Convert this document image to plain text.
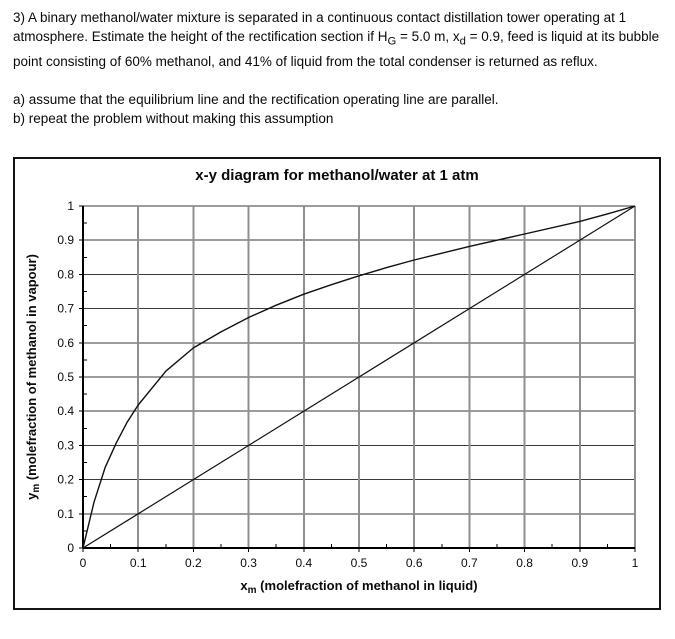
3) A binary methanol/water mixture is separated in a continuous contact distillation tower operating at 1 atmosphere. Estimate the height of the rectification section if $H_G = 5.0$ m, $x_d = 0.9$, feed is liquid at its bubble point consisting of 60% methanol, and 41% of liquid from the total condenser is returned as reflux.
a) assume that the equilibrium line and the rectification operating line are parallel.
b) repeat the problem without making this assumption
x-y diagram for methanol/water at 1 atm
0	0.1	0.2	0.3	0.4	0.5	0.6	0.7	0.8	0.9	1
0
0.1
0.2
0.3
0.4
0.5
0.6
0.7
0.8
0.9
1
$x_m$ (molefraction of methanol in liquid)
$y_m$ (molefraction of methanol in vapour)
